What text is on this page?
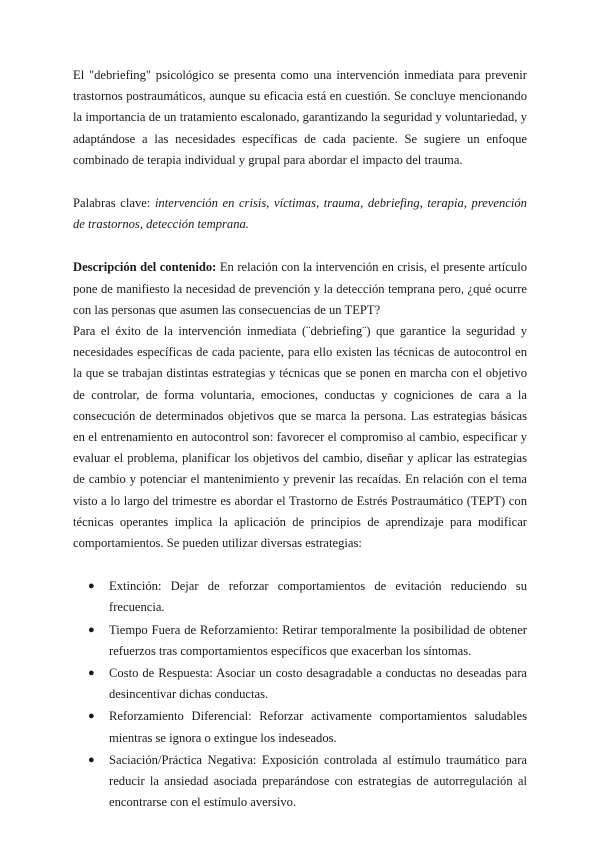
El "debriefing" psicológico se presenta como una intervención inmediata para prevenir trastornos postraumáticos, aunque su eficacia está en cuestión. Se concluye mencionando la importancia de un tratamiento escalonado, garantizando la seguridad y voluntariedad, y adaptándose a las necesidades específicas de cada paciente. Se sugiere un enfoque combinado de terapia individual y grupal para abordar el impacto del trauma.

Palabras clave: intervención en crisis, víctimas, trauma, debriefing, terapia, prevención de trastornos, detección temprana.

Descripción del contenido: En relación con la intervención en crisis, el presente artículo pone de manifiesto la necesidad de prevención y la detección temprana pero, ¿qué ocurre con las personas que asumen las consecuencias de un TEPT?

Para el éxito de la intervención inmediata (¨debriefing¨) que garantice la seguridad y necesidades específicas de cada paciente, para ello existen las técnicas de autocontrol en la que se trabajan distintas estrategias y técnicas que se ponen en marcha con el objetivo de controlar, de forma voluntaria, emociones, conductas y cogniciones de cara a la consecución de determinados objetivos que se marca la persona. Las estrategias básicas en el entrenamiento en autocontrol son: favorecer el compromiso al cambio, especificar y evaluar el problema, planificar los objetivos del cambio, diseñar y aplicar las estrategias de cambio y potenciar el mantenimiento y prevenir las recaídas. En relación con el tema visto a lo largo del trimestre es abordar el Trastorno de Estrés Postraumático (TEPT) con técnicas operantes implica la aplicación de principios de aprendizaje para modificar comportamientos. Se pueden utilizar diversas estrategias:

● Extinción: Dejar de reforzar comportamientos de evitación reduciendo su frecuencia.
● Tiempo Fuera de Reforzamiento: Retirar temporalmente la posibilidad de obtener refuerzos tras comportamientos específicos que exacerban los síntomas.
● Costo de Respuesta: Asociar un costo desagradable a conductas no deseadas para desincentivar dichas conductas.
● Reforzamiento Diferencial: Reforzar activamente comportamientos saludables mientras se ignora o extingue los indeseados.
● Saciación/Práctica Negativa: Exposición controlada al estímulo traumático para reducir la ansiedad asociada preparándose con estrategias de autorregulación al encontrarse con el estímulo aversivo.
